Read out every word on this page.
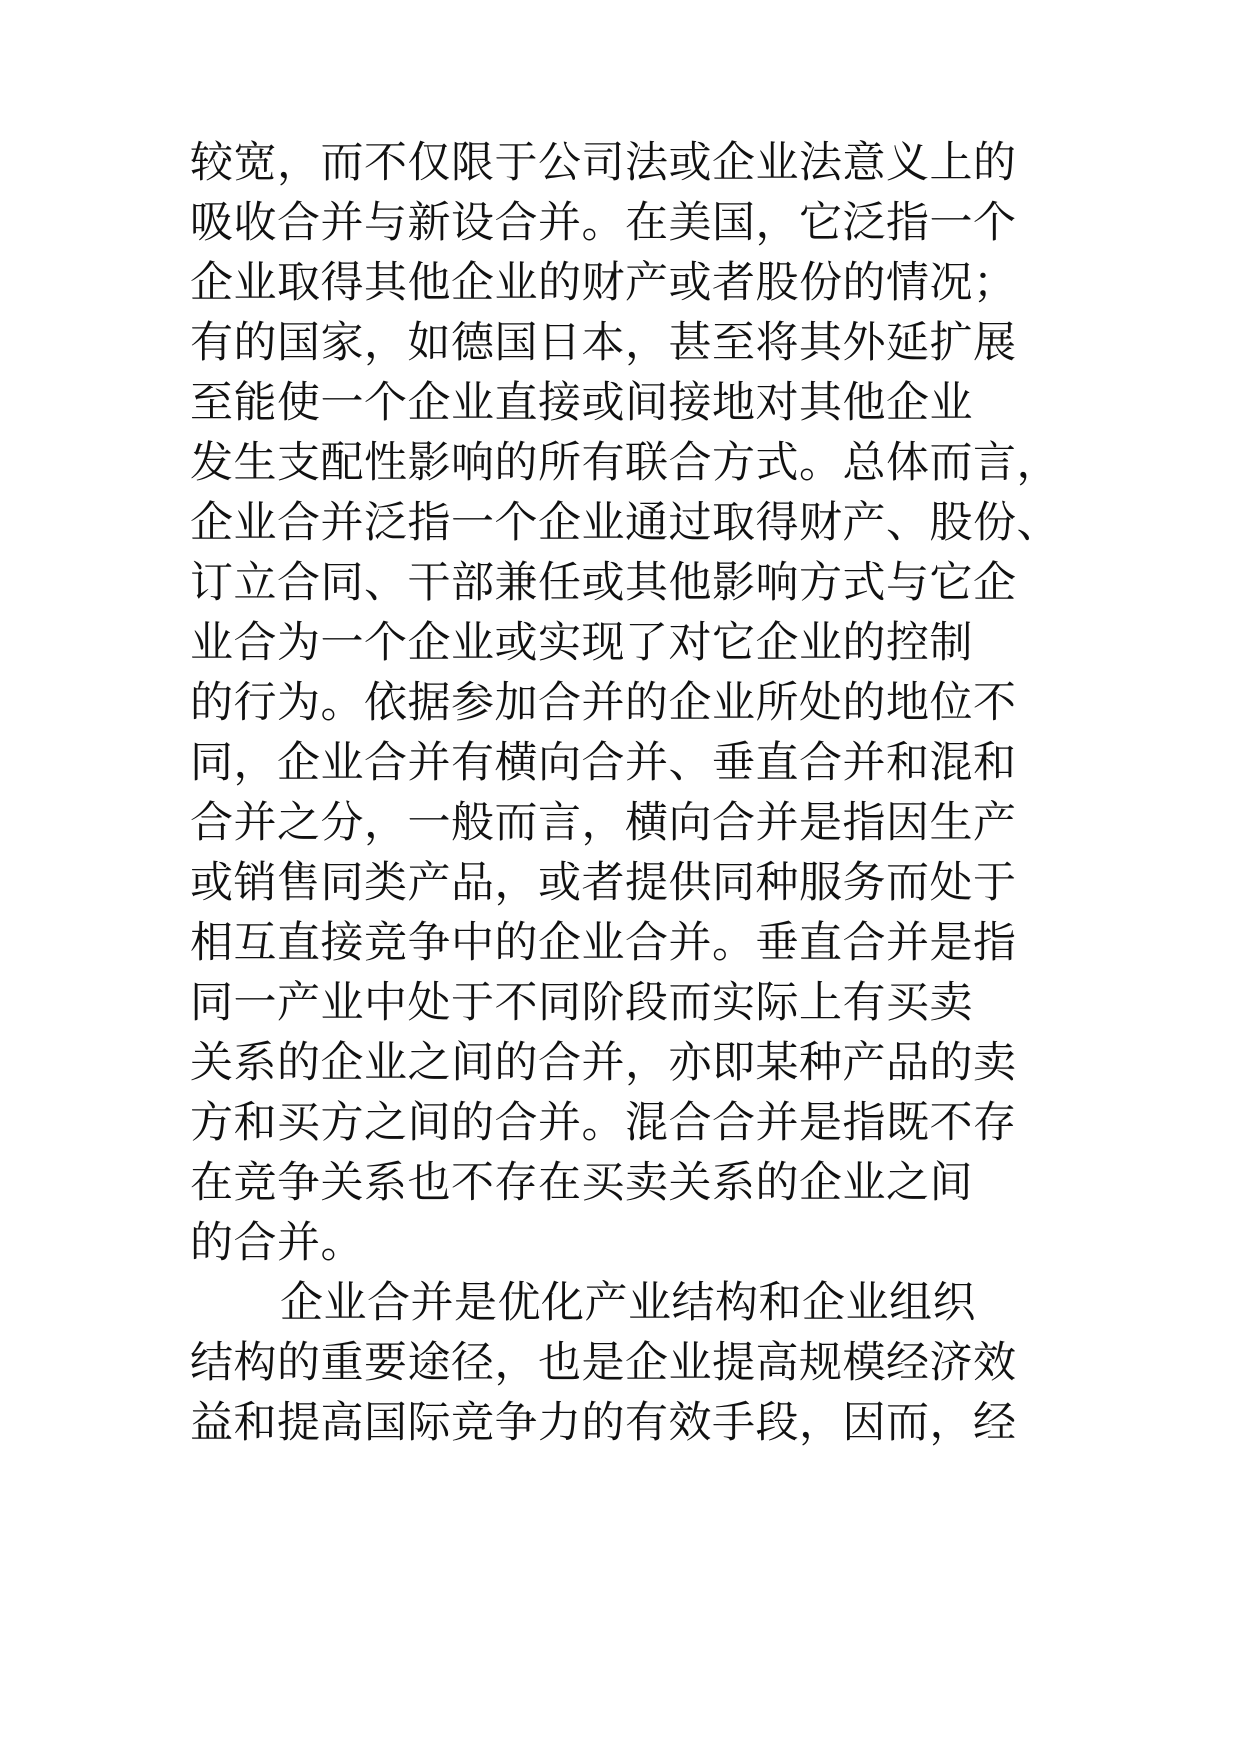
较宽，而不仅限于公司法或企业法意义上的
吸收合并与新设合并。在美国，它泛指一个
企业取得其他企业的财产或者股份的情况；
有的国家，如德国日本，甚至将其外延扩展
至能使一个企业直接或间接地对其他企业
发生支配性影响的所有联合方式。总体而言，
企业合并泛指一个企业通过取得财产、股份、
订立合同、干部兼任或其他影响方式与它企
业合为一个企业或实现了对它企业的控制
的行为。依据参加合并的企业所处的地位不
同，企业合并有横向合并、垂直合并和混和
合并之分，一般而言，横向合并是指因生产
或销售同类产品，或者提供同种服务而处于
相互直接竞争中的企业合并。垂直合并是指
同一产业中处于不同阶段而实际上有买卖
关系的企业之间的合并，亦即某种产品的卖
方和买方之间的合并。混合合并是指既不存
在竞争关系也不存在买卖关系的企业之间
的合并。
企业合并是优化产业结构和企业组织
结构的重要途径，也是企业提高规模经济效
益和提高国际竞争力的有效手段，因而，经
